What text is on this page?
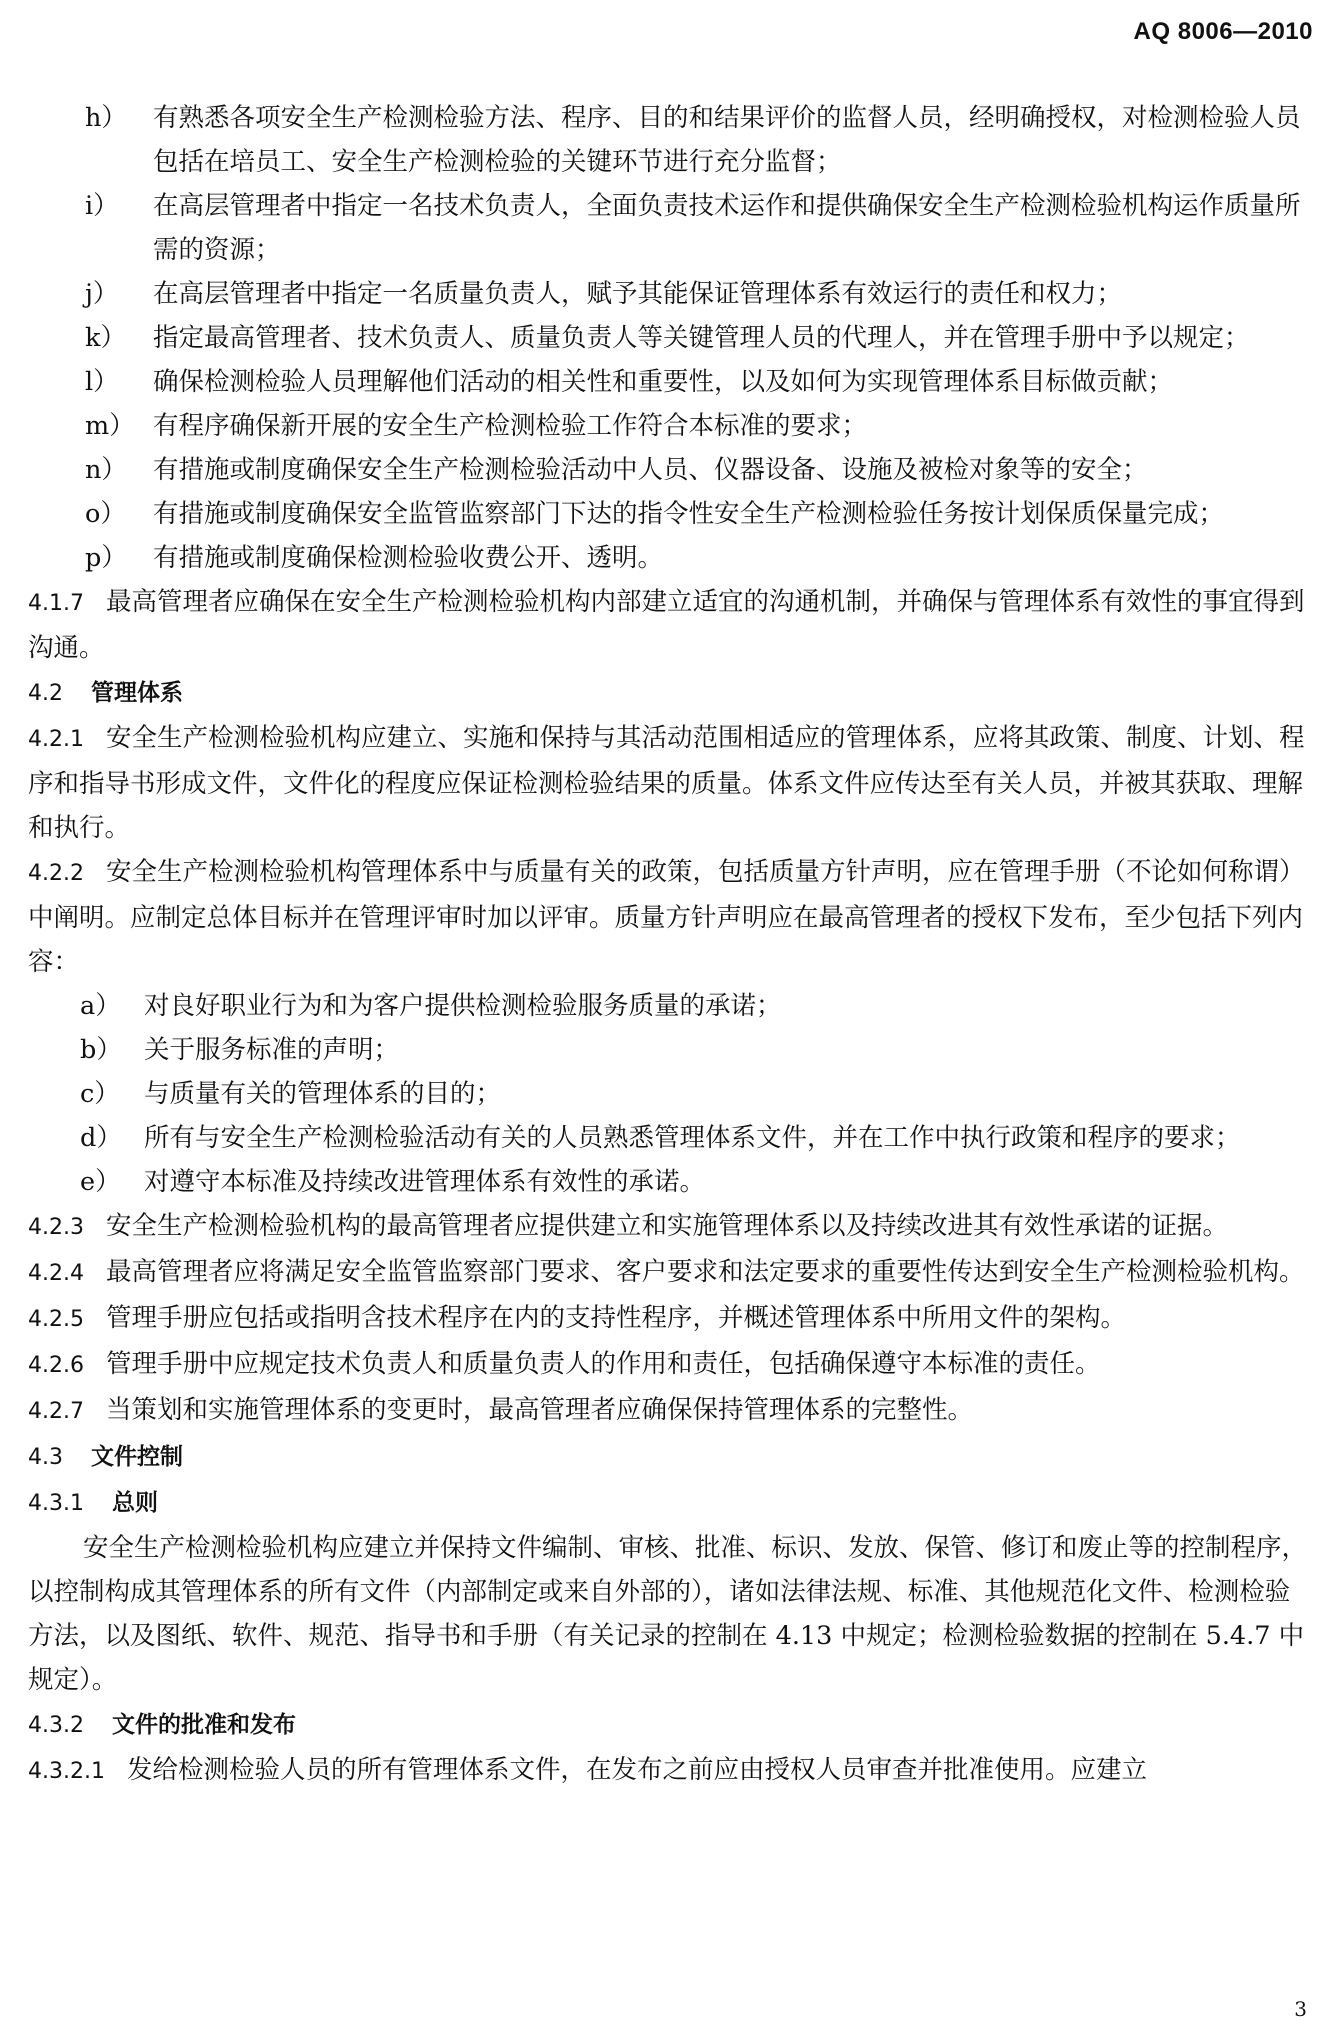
AQ 8006—2010
h） 有熟悉各项安全生产检测检验方法、程序、目的和结果评价的监督人员，经明确授权，对检测检验人员包括在培员工、安全生产检测检验的关键环节进行充分监督；
i） 在高层管理者中指定一名技术负责人，全面负责技术运作和提供确保安全生产检测检验机构运作质量所需的资源；
j） 在高层管理者中指定一名质量负责人，赋予其能保证管理体系有效运行的责任和权力；
k） 指定最高管理者、技术负责人、质量负责人等关键管理人员的代理人，并在管理手册中予以规定；
l） 确保检测检验人员理解他们活动的相关性和重要性，以及如何为实现管理体系目标做贡献；
m） 有程序确保新开展的安全生产检测检验工作符合本标准的要求；
n） 有措施或制度确保安全生产检测检验活动中人员、仪器设备、设施及被检对象等的安全；
o） 有措施或制度确保安全监管监察部门下达的指令性安全生产检测检验任务按计划保质保量完成；
p） 有措施或制度确保检测检验收费公开、透明。
4.1.7 最高管理者应确保在安全生产检测检验机构内部建立适宜的沟通机制，并确保与管理体系有效性的事宜得到沟通。
4.2 管理体系
4.2.1 安全生产检测检验机构应建立、实施和保持与其活动范围相适应的管理体系，应将其政策、制度、计划、程序和指导书形成文件，文件化的程度应保证检测检验结果的质量。体系文件应传达至有关人员，并被其获取、理解和执行。
4.2.2 安全生产检测检验机构管理体系中与质量有关的政策，包括质量方针声明，应在管理手册（不论如何称谓）中阐明。应制定总体目标并在管理评审时加以评审。质量方针声明应在最高管理者的授权下发布，至少包括下列内容：
a） 对良好职业行为和为客户提供检测检验服务质量的承诺；
b） 关于服务标准的声明；
c） 与质量有关的管理体系的目的；
d） 所有与安全生产检测检验活动有关的人员熟悉管理体系文件，并在工作中执行政策和程序的要求；
e） 对遵守本标准及持续改进管理体系有效性的承诺。
4.2.3 安全生产检测检验机构的最高管理者应提供建立和实施管理体系以及持续改进其有效性承诺的证据。
4.2.4 最高管理者应将满足安全监管监察部门要求、客户要求和法定要求的重要性传达到安全生产检测检验机构。
4.2.5 管理手册应包括或指明含技术程序在内的支持性程序，并概述管理体系中所用文件的架构。
4.2.6 管理手册中应规定技术负责人和质量负责人的作用和责任，包括确保遵守本标准的责任。
4.2.7 当策划和实施管理体系的变更时，最高管理者应确保保持管理体系的完整性。
4.3 文件控制
4.3.1 总则
安全生产检测检验机构应建立并保持文件编制、审核、批准、标识、发放、保管、修订和废止等的控制程序，以控制构成其管理体系的所有文件（内部制定或来自外部的），诸如法律法规、标准、其他规范化文件、检测检验方法，以及图纸、软件、规范、指导书和手册（有关记录的控制在 4.13 中规定；检测检验数据的控制在 5.4.7 中规定）。
4.3.2 文件的批准和发布
4.3.2.1 发给检测检验人员的所有管理体系文件，在发布之前应由授权人员审查并批准使用。应建立
3
